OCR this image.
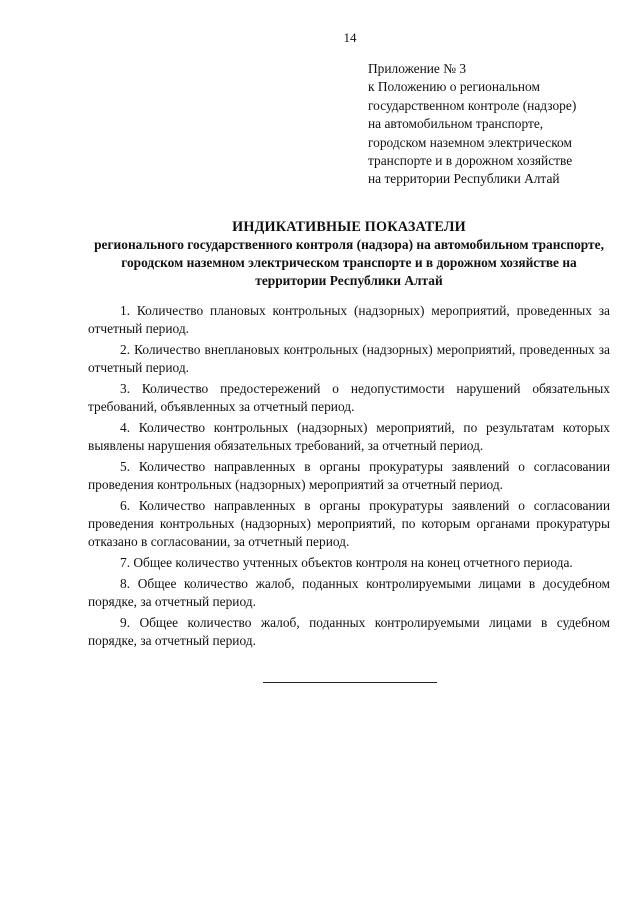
14
Приложение № 3
к Положению о региональном
государственном контроле (надзоре)
на автомобильном транспорте,
городском наземном электрическом
транспорте и в дорожном хозяйстве
на территории Республики Алтай
ИНДИКАТИВНЫЕ ПОКАЗАТЕЛИ
регионального государственного контроля (надзора) на автомобильном транспорте, городском наземном электрическом транспорте и в дорожном хозяйстве на территории Республики Алтай

1. Количество плановых контрольных (надзорных) мероприятий, проведенных за отчетный период.

2. Количество внеплановых контрольных (надзорных) мероприятий, проведенных за отчетный период.

3. Количество предостережений о недопустимости нарушений обязательных требований, объявленных за отчетный период.

4. Количество контрольных (надзорных) мероприятий, по результатам которых выявлены нарушения обязательных требований, за отчетный период.

5. Количество направленных в органы прокуратуры заявлений о согласовании проведения контрольных (надзорных) мероприятий за отчетный период.

6. Количество направленных в органы прокуратуры заявлений о согласовании проведения контрольных (надзорных) мероприятий, по которым органами прокуратуры отказано в согласовании, за отчетный период.

7. Общее количество учтенных объектов контроля на конец отчетного периода.

8. Общее количество жалоб, поданных контролируемыми лицами в досудебном порядке, за отчетный период.

9. Общее количество жалоб, поданных контролируемыми лицами в судебном порядке, за отчетный период.
